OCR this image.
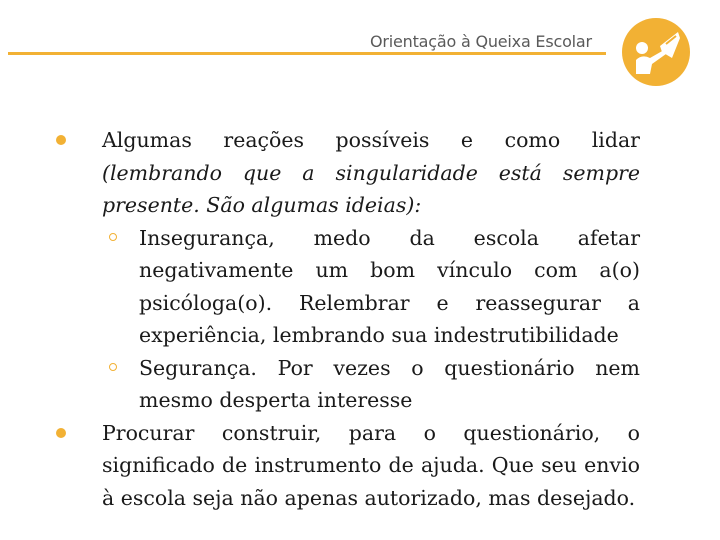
Orientação à Queixa Escolar
Algumas reações possíveis e como lidar
(lembrando que a singularidade está sempre
presente. São algumas ideias):
Insegurança, medo da escola afetar
negativamente um bom vínculo com a(o)
psicóloga(o). Relembrar e reassegurar a
experiência, lembrando sua indestrutibilidade
Segurança. Por vezes o questionário nem
mesmo desperta interesse
Procurar construir, para o questionário, o
significado de instrumento de ajuda. Que seu envio
à escola seja não apenas autorizado, mas desejado.
